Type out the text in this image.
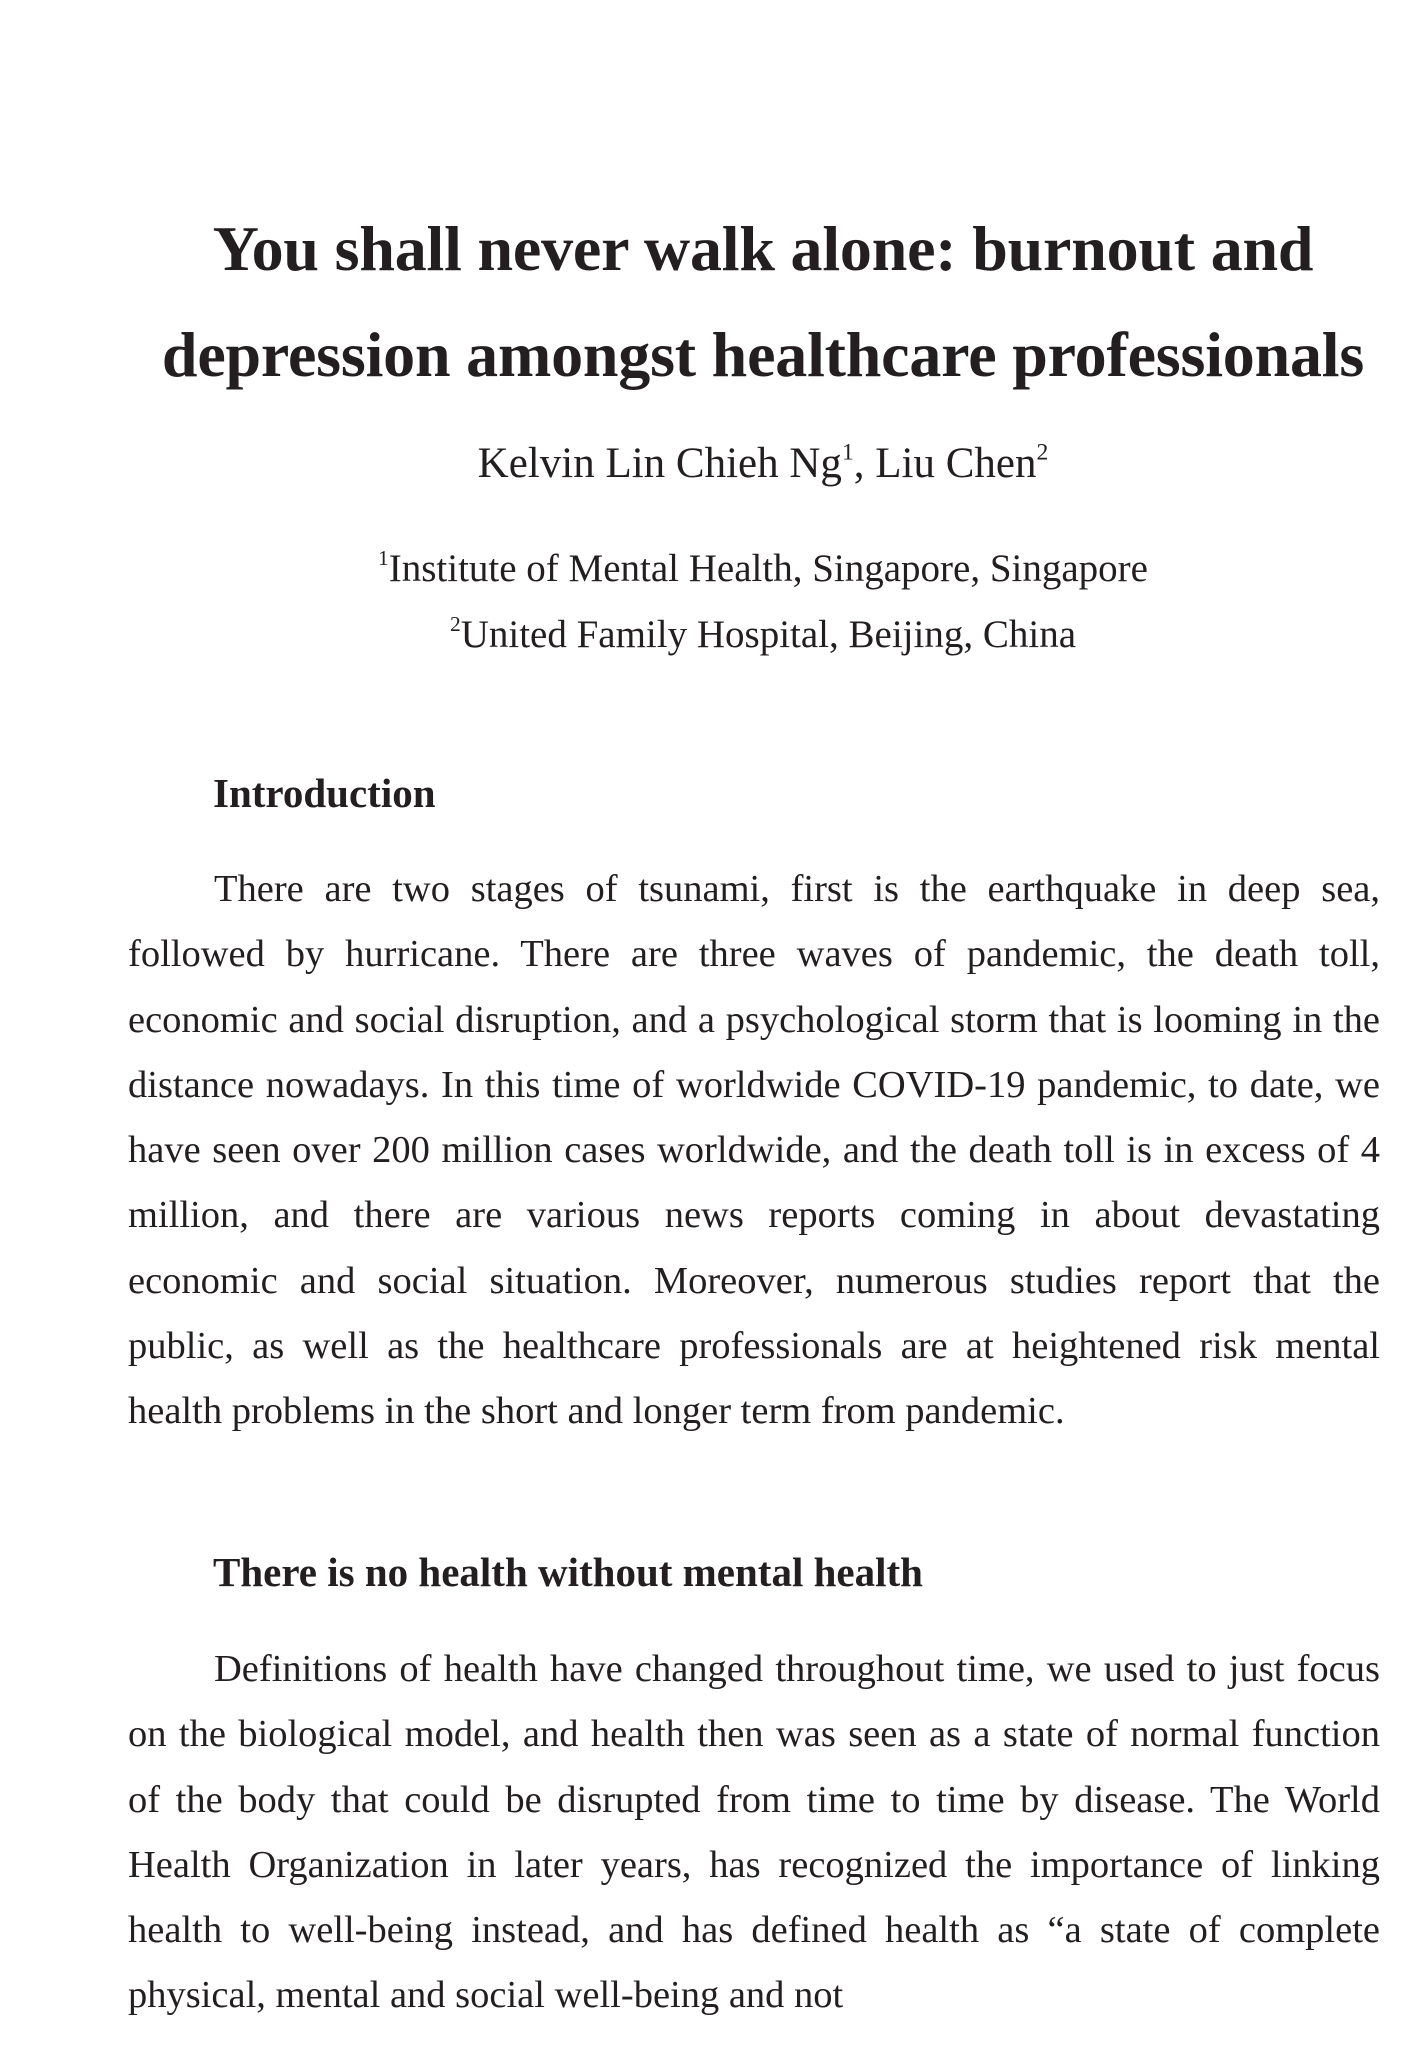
You shall never walk alone: burnout and
depression amongst healthcare professionals

Kelvin Lin Chieh Ng$^1$, Liu Chen$^2$

$^1$Institute of Mental Health, Singapore, Singapore
$^2$United Family Hospital, Beijing, China
Introduction

There are two stages of tsunami, first is the earthquake in deep sea, followed by hurricane. There are three waves of pandemic, the death toll, economic and social disruption, and a psychological storm that is looming in the distance nowadays. In this time of worldwide COVID-19 pandemic, to date, we have seen over 200 million cases worldwide, and the death toll is in excess of 4 million, and there are various news reports coming in about devastating economic and social situation. Moreover, numerous studies report that the public, as well as the healthcare professionals are at heightened risk mental health problems in the short and longer term from pandemic.

There is no health without mental health

Definitions of health have changed throughout time, we used to just focus on the biological model, and health then was seen as a state of normal function of the body that could be disrupted from time to time by disease. The World Health Organization in later years, has recognized the importance of linking health to well-being instead, and has defined health as “a state of complete physical, mental and social well-being and not
